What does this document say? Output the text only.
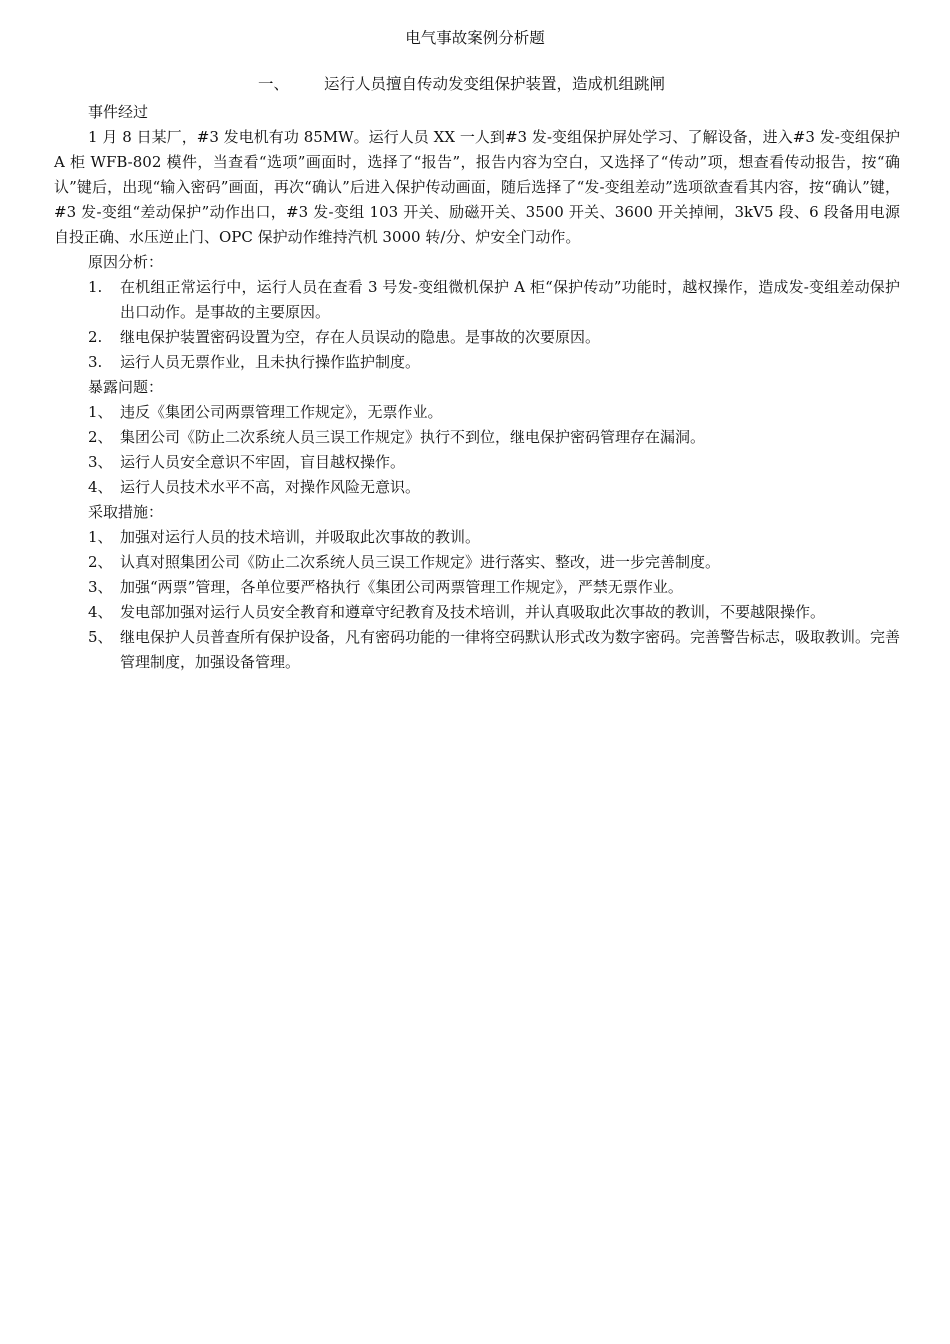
电气事故案例分析题
一、 运行人员擅自传动发变组保护装置，造成机组跳闸
事件经过
1 月 8 日某厂，#3 发电机有功 85MW。运行人员 XX 一人到#3 发-变组保护屏处学习、了解设备，进入#3 发-变组保护 A 柜 WFB-802 模件，当查看“选项”画面时，选择了“报告”，报告内容为空白，又选择了“传动”项，想查看传动报告，按“确认”键后，出现“输入密码”画面，再次“确认”后进入保护传动画面，随后选择了“发-变组差动”选项欲查看其内容，按“确认”键，#3 发-变组“差动保护”动作出口，#3 发-变组 103 开关、励磁开关、3500 开关、3600 开关掉闸，3kV5 段、6 段备用电源自投正确、水压逆止门、OPC 保护动作维持汽机 3000 转/分、炉安全门动作。
原因分析：
1. 在机组正常运行中，运行人员在查看 3 号发-变组微机保护 A 柜“保护传动”功能时，越权操作，造成发-变组差动保护出口动作。是事故的主要原因。
2. 继电保护装置密码设置为空，存在人员误动的隐患。是事故的次要原因。
3. 运行人员无票作业，且未执行操作监护制度。
暴露问题：
1、 违反《集团公司两票管理工作规定》，无票作业。
2、 集团公司《防止二次系统人员三误工作规定》执行不到位，继电保护密码管理存在漏洞。
3、 运行人员安全意识不牢固，盲目越权操作。
4、 运行人员技术水平不高，对操作风险无意识。
采取措施：
1、 加强对运行人员的技术培训，并吸取此次事故的教训。
2、 认真对照集团公司《防止二次系统人员三误工作规定》进行落实、整改，进一步完善制度。
3、 加强“两票”管理，各单位要严格执行《集团公司两票管理工作规定》，严禁无票作业。
4、 发电部加强对运行人员安全教育和遵章守纪教育及技术培训，并认真吸取此次事故的教训，不要越限操作。
5、 继电保护人员普查所有保护设备，凡有密码功能的一律将空码默认形式改为数字密码。完善警告标志，吸取教训。完善管理制度，加强设备管理。
